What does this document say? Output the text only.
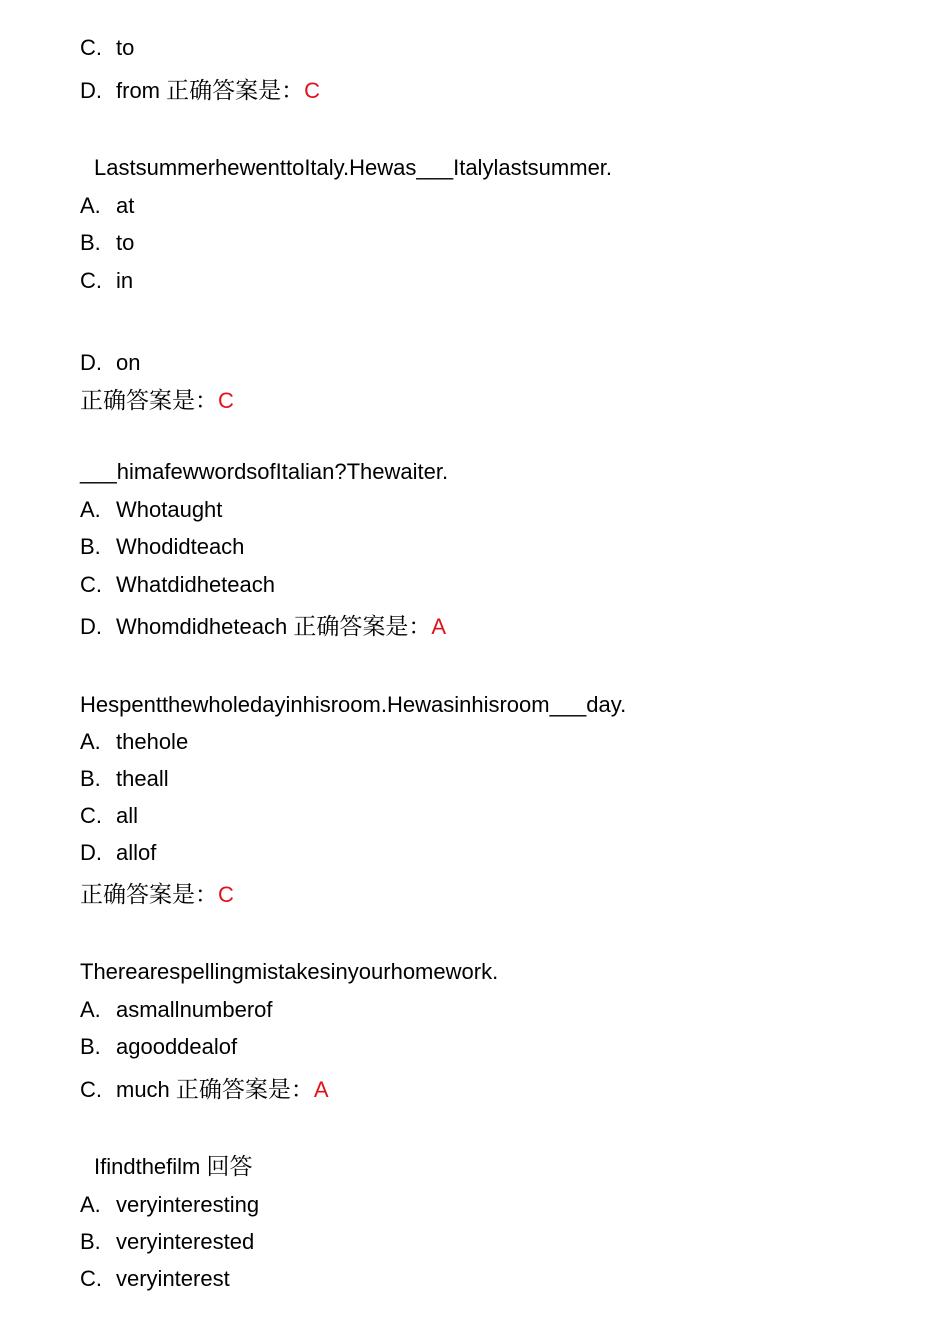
C. to
D. from 正确答案是：C
LastsummerhewenttoItaly.Hewas___Italylastsummer.
A. at
B. to
C. in
D. on
正确答案是：C
___himafewwordsofItalian?Thewaiter.
A. Whotaught
B. Whodidteach
C. Whatdidheteach
D. Whomdidheteach 正确答案是：A
Hespentthewholedayinhisroom.Hewasinhisroom___day.
A. thehole
B. theall
C. all
D. allof
正确答案是：C
Therearespellingmistakesinyourhomework.
A. asmallnumberof
B. agooddealof
C. much 正确答案是：A
Ifindthefilm 回答
A. veryinteresting
B. veryinterested
C. veryinterest
